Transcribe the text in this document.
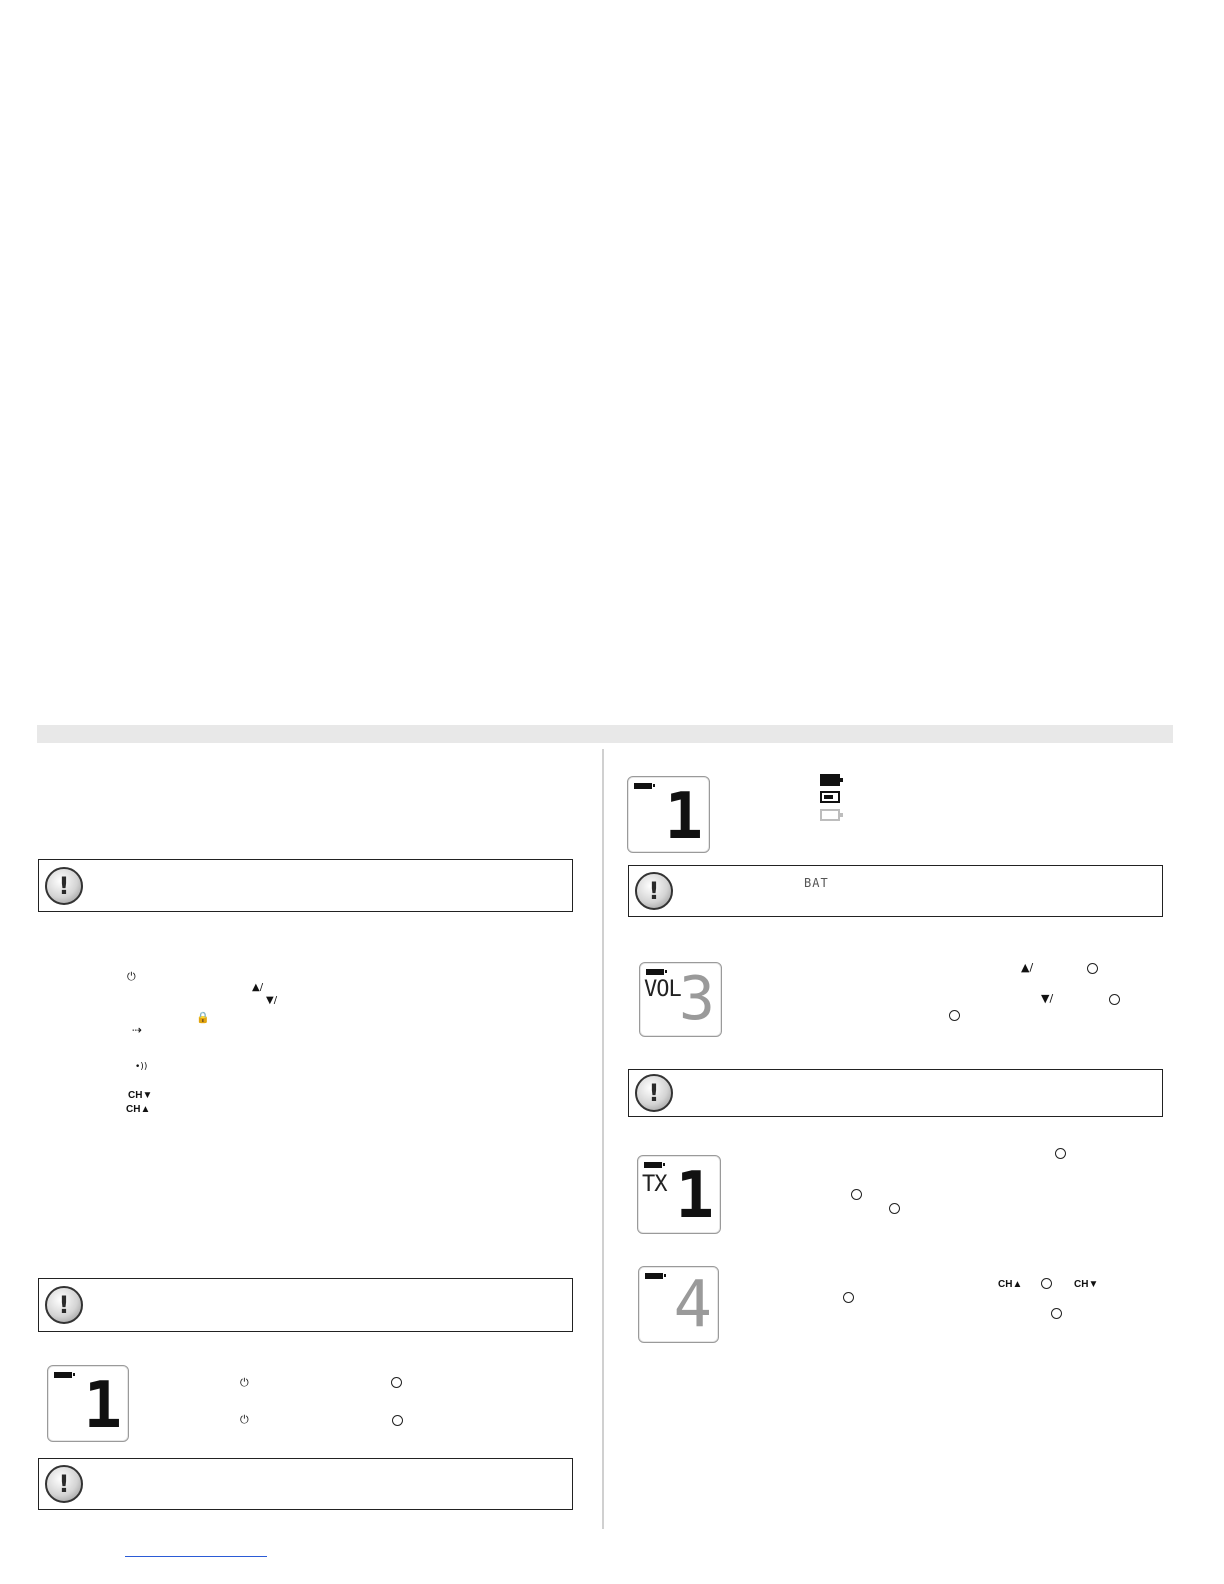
!
⏻
▲/
▼/
🔒
⇢
•))
CH▼
CH▲
!
1	⏻
⏻
!
1
!	BAT
VOL
3	▲/
▼/
!
TX 1
4	CH▲	CH▼
